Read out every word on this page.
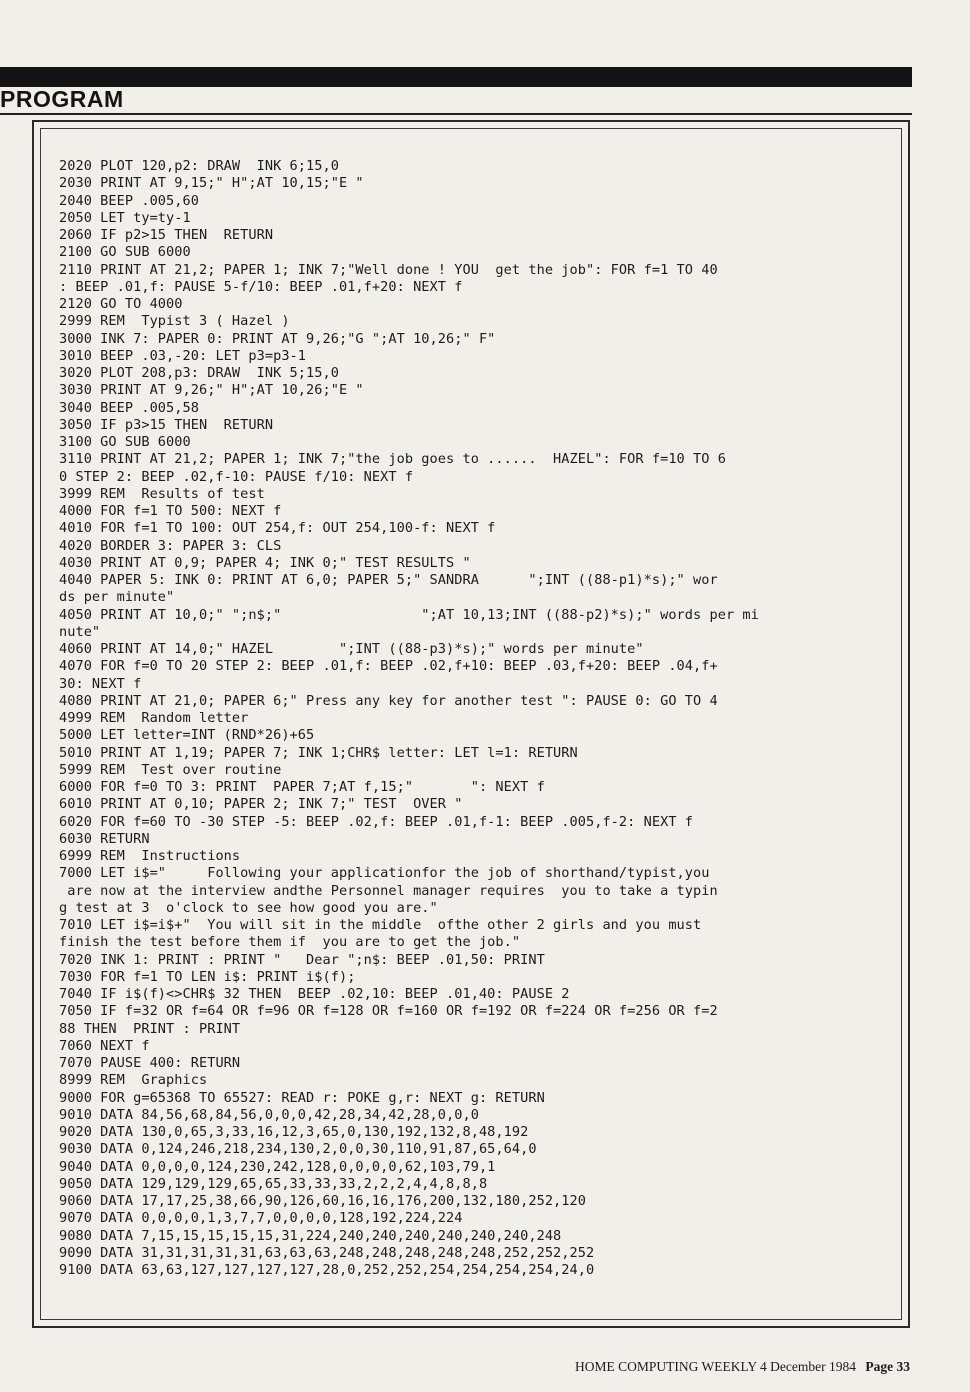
PROGRAM
2020 PLOT 120,p2: DRAW  INK 6;15,0
2030 PRINT AT 9,15;" H";AT 10,15;"E "
2040 BEEP .005,60
2050 LET ty=ty-1
2060 IF p2>15 THEN  RETURN
2100 GO SUB 6000
2110 PRINT AT 21,2; PAPER 1; INK 7;"Well done ! YOU  get the job": FOR f=1 TO 40
: BEEP .01,f: PAUSE 5-f/10: BEEP .01,f+20: NEXT f
2120 GO TO 4000
2999 REM  Typist 3 ( Hazel )
3000 INK 7: PAPER 0: PRINT AT 9,26;"G ";AT 10,26;" F"
3010 BEEP .03,-20: LET p3=p3-1
3020 PLOT 208,p3: DRAW  INK 5;15,0
3030 PRINT AT 9,26;" H";AT 10,26;"E "
3040 BEEP .005,58
3050 IF p3>15 THEN  RETURN
3100 GO SUB 6000
3110 PRINT AT 21,2; PAPER 1; INK 7;"the job goes to ......  HAZEL": FOR f=10 TO 6
0 STEP 2: BEEP .02,f-10: PAUSE f/10: NEXT f
3999 REM  Results of test
4000 FOR f=1 TO 500: NEXT f
4010 FOR f=1 TO 100: OUT 254,f: OUT 254,100-f: NEXT f
4020 BORDER 3: PAPER 3: CLS
4030 PRINT AT 0,9; PAPER 4; INK 0;" TEST RESULTS "
4040 PAPER 5: INK 0: PRINT AT 6,0; PAPER 5;" SANDRA      ";INT ((88-p1)*s);" wor
ds per minute"
4050 PRINT AT 10,0;" ";n$;"                 ";AT 10,13;INT ((88-p2)*s);" words per mi
nute"
4060 PRINT AT 14,0;" HAZEL        ";INT ((88-p3)*s);" words per minute"
4070 FOR f=0 TO 20 STEP 2: BEEP .01,f: BEEP .02,f+10: BEEP .03,f+20: BEEP .04,f+
30: NEXT f
4080 PRINT AT 21,0; PAPER 6;" Press any key for another test ": PAUSE 0: GO TO 4
4999 REM  Random letter
5000 LET letter=INT (RND*26)+65
5010 PRINT AT 1,19; PAPER 7; INK 1;CHR$ letter: LET l=1: RETURN
5999 REM  Test over routine
6000 FOR f=0 TO 3: PRINT  PAPER 7;AT f,15;"       ": NEXT f
6010 PRINT AT 0,10; PAPER 2; INK 7;" TEST  OVER "
6020 FOR f=60 TO -30 STEP -5: BEEP .02,f: BEEP .01,f-1: BEEP .005,f-2: NEXT f
6030 RETURN
6999 REM  Instructions
7000 LET i$="     Following your applicationfor the job of shorthand/typist,you
are now at the interview andthe Personnel manager requires  you to take a typin
g test at 3  o'clock to see how good you are."
7010 LET i$=i$+"  You will sit in the middle  ofthe other 2 girls and you must
finish the test before them if  you are to get the job."
7020 INK 1: PRINT : PRINT "   Dear ";n$: BEEP .01,50: PRINT
7030 FOR f=1 TO LEN i$: PRINT i$(f);
7040 IF i$(f)<>CHR$ 32 THEN  BEEP .02,10: BEEP .01,40: PAUSE 2
7050 IF f=32 OR f=64 OR f=96 OR f=128 OR f=160 OR f=192 OR f=224 OR f=256 OR f=2
88 THEN  PRINT : PRINT
7060 NEXT f
7070 PAUSE 400: RETURN
8999 REM  Graphics
9000 FOR g=65368 TO 65527: READ r: POKE g,r: NEXT g: RETURN
9010 DATA 84,56,68,84,56,0,0,0,42,28,34,42,28,0,0,0
9020 DATA 130,0,65,3,33,16,12,3,65,0,130,192,132,8,48,192
9030 DATA 0,124,246,218,234,130,2,0,0,30,110,91,87,65,64,0
9040 DATA 0,0,0,0,124,230,242,128,0,0,0,0,62,103,79,1
9050 DATA 129,129,129,65,65,33,33,33,2,2,2,4,4,8,8,8
9060 DATA 17,17,25,38,66,90,126,60,16,16,176,200,132,180,252,120
9070 DATA 0,0,0,0,1,3,7,7,0,0,0,0,128,192,224,224
9080 DATA 7,15,15,15,15,15,31,224,240,240,240,240,240,240,248
9090 DATA 31,31,31,31,31,63,63,63,248,248,248,248,248,252,252,252
9100 DATA 63,63,127,127,127,127,28,0,252,252,254,254,254,254,24,0
HOME COMPUTING WEEKLY 4 December 1984 Page 33
